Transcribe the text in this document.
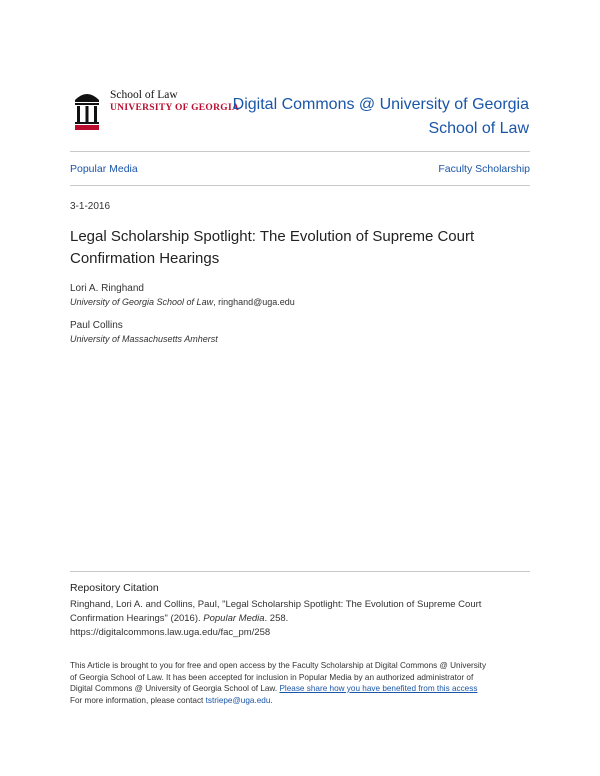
School of Law
UNIVERSITY OF GEORGIA
Digital Commons @ University of Georgia
School of Law
Popular Media	Faculty Scholarship
3-1-2016
Legal Scholarship Spotlight: The Evolution of Supreme Court
Confirmation Hearings
Lori A. Ringhand
University of Georgia School of Law, ringhand@uga.edu
Paul Collins
University of Massachusetts Amherst
Repository Citation
Ringhand, Lori A. and Collins, Paul, "Legal Scholarship Spotlight: The Evolution of Supreme Court
Confirmation Hearings" (2016). Popular Media. 258.
https://digitalcommons.law.uga.edu/fac_pm/258
This Article is brought to you for free and open access by the Faculty Scholarship at Digital Commons @ University
of Georgia School of Law. It has been accepted for inclusion in Popular Media by an authorized administrator of
Digital Commons @ University of Georgia School of Law. Please share how you have benefited from this access
For more information, please contact tstriepe@uga.edu.
